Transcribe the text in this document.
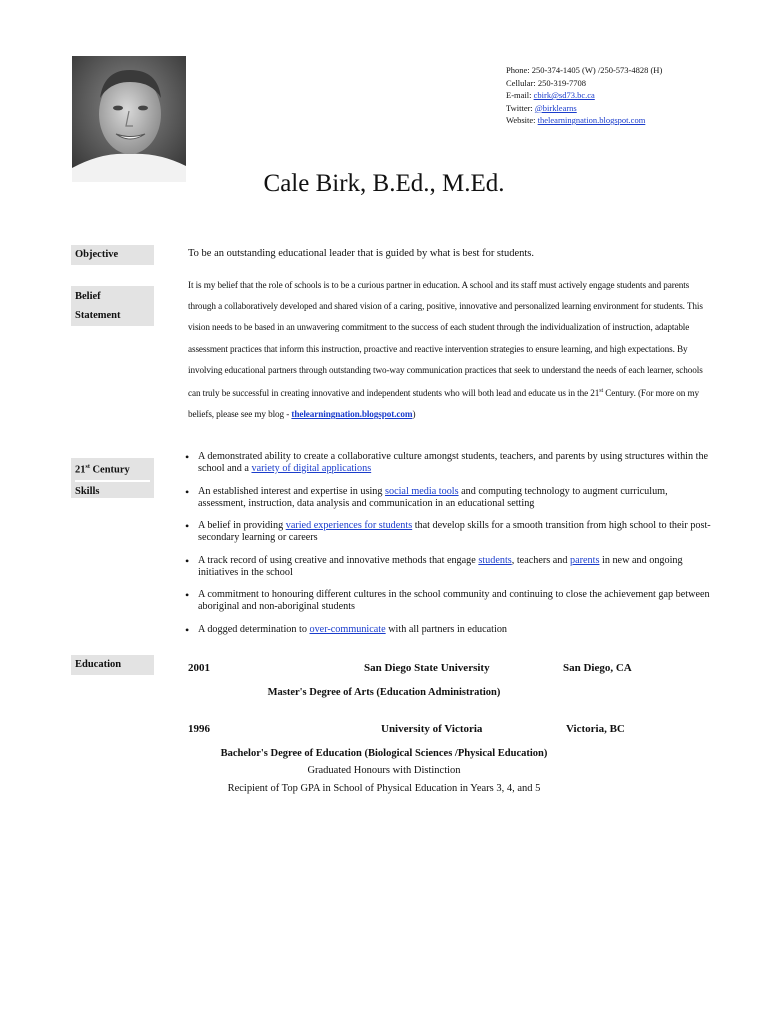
Phone: 250-374-1405 (W) /250-573-4828 (H)
Cellular: 250-319-7708
E-mail: cbirk@sd73.bc.ca
Twitter: @birklearns
Website: thelearningnation.blogspot.com
Cale Birk, B.Ed., M.Ed.
Objective	To be an outstanding educational leader that is guided by what is best for students.
Belief
Statement
It is my belief that the role of schools is to be a curious partner in education. A school and its staff must actively engage students and parents through a collaboratively developed and shared vision of a caring, positive, innovative and personalized learning environment for students. This vision needs to be based in an unwavering commitment to the success of each student through the individualization of instruction, adaptable assessment practices that inform this instruction, proactive and reactive intervention strategies to ensure learning, and high expectations. By involving educational partners through outstanding two-way communication practices that seek to understand the needs of each learner, schools can truly be successful in creating innovative and independent students who will both lead and educate us in the 21st Century. (For more on my beliefs, please see my blog - thelearningnation.blogspot.com)
21st Century
Skills
• A demonstrated ability to create a collaborative culture amongst students, teachers, and parents by using structures within the school and a variety of digital applications
• An established interest and expertise in using social media tools and computing technology to augment curriculum, assessment, instruction, data analysis and communication in an educational setting
• A belief in providing varied experiences for students that develop skills for a smooth transition from high school to their post-secondary learning or careers
• A track record of using creative and innovative methods that engage students, teachers and parents in new and ongoing initiatives in the school
• A commitment to honouring different cultures in the school community and continuing to close the achievement gap between aboriginal and non-aboriginal students
• A dogged determination to over-communicate with all partners in education
Education	2001	San Diego State University	San Diego, CA
Master's Degree of Arts (Education Administration)
1996	University of Victoria	Victoria, BC
Bachelor's Degree of Education (Biological Sciences /Physical Education)
Graduated Honours with Distinction
Recipient of Top GPA in School of Physical Education in Years 3, 4, and 5
